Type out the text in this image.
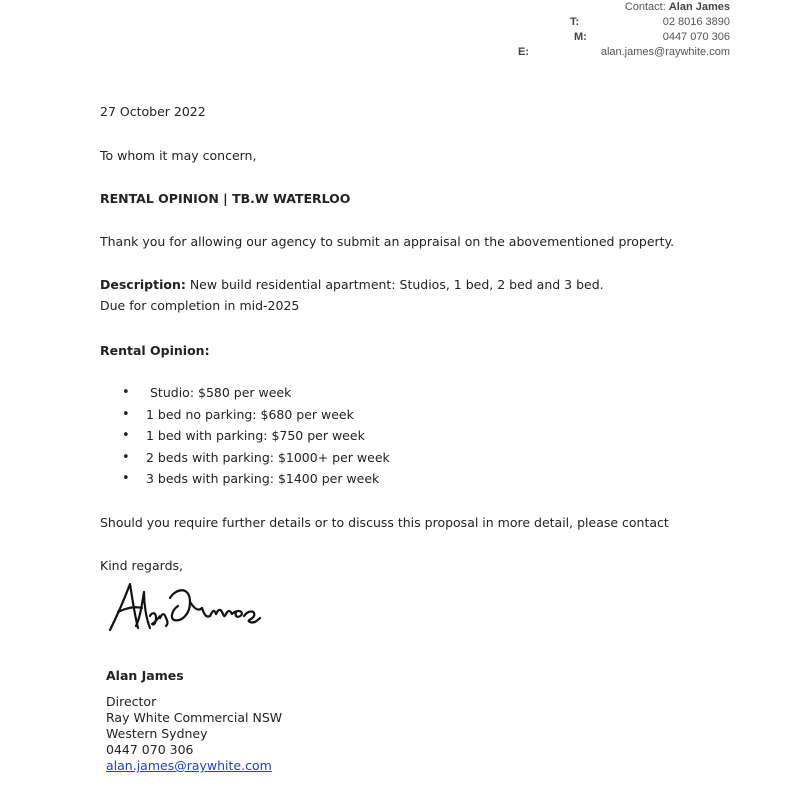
Contact: Alan James
T:	02 8016 3890
M:	0447 070 306
E:	alan.james@raywhite.com

27 October 2022

To whom it may concern,

RENTAL OPINION | TB.W WATERLOO

Thank you for allowing our agency to submit an appraisal on the abovementioned property.

Description: New build residential apartment: Studios, 1 bed, 2 bed and 3 bed. Due for completion in mid-2025

Rental Opinion:

• Studio: $580 per week
• 1 bed no parking: $680 per week
• 1 bed with parking: $750 per week
• 2 beds with parking: $1000+ per week
• 3 beds with parking: $1400 per week

Should you require further details or to discuss this proposal in more detail, please contact

Kind regards,

Alan James
Director
Ray White Commercial NSW
Western Sydney
0447 070 306
alan.james@raywhite.com
